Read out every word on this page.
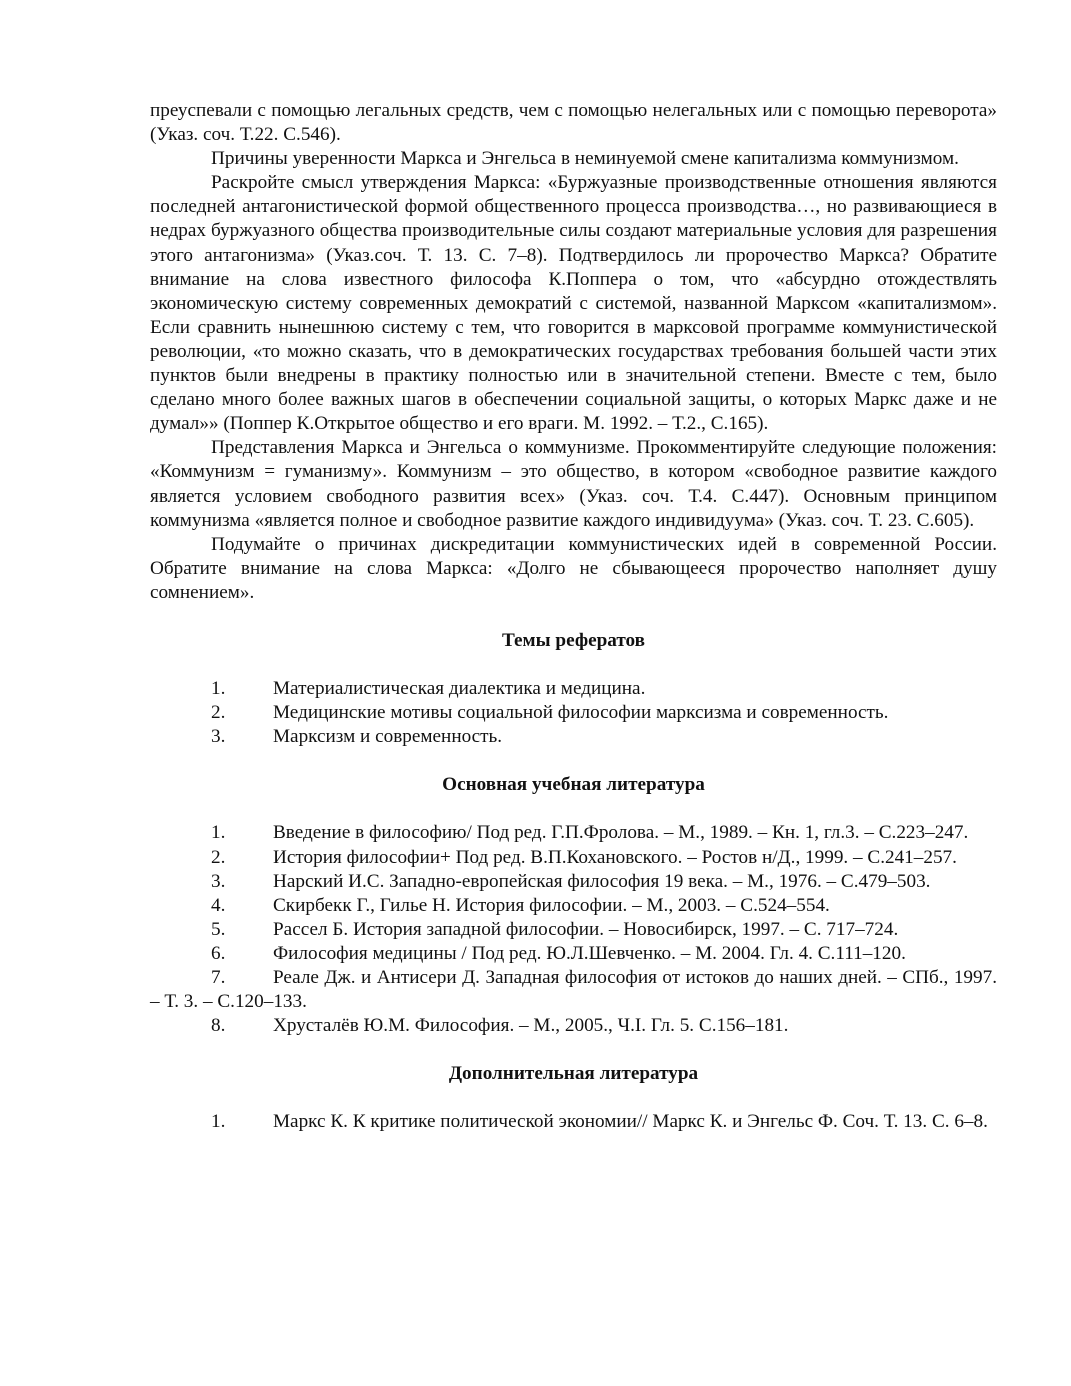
преуспевали с помощью легальных средств, чем с помощью нелегальных или с помощью переворота» (Указ. соч. Т.22. С.546).

Причины уверенности Маркса и Энгельса в неминуемой смене капитализма коммунизмом.

Раскройте смысл утверждения Маркса: «Буржуазные производственные отношения являются последней антагонистической формой общественного процесса производства…, но развивающиеся в недрах буржуазного общества производительные силы создают материальные условия для разрешения этого антагонизма» (Указ.соч. Т. 13. С. 7–8). Подтвердилось ли пророчество Маркса? Обратите внимание на слова известного философа К.Поппера о том, что «абсурдно отождествлять экономическую систему современных демократий с системой, названной Марксом «капитализмом». Если сравнить нынешнюю систему с тем, что говорится в марксовой программе коммунистической революции, «то можно сказать, что в демократических государствах требования большей части этих пунктов были внедрены в практику полностью или в значительной степени. Вместе с тем, было сделано много более важных шагов в обеспечении социальной защиты, о которых Маркс даже и не думал»» (Поппер К.Открытое общество и его враги. М. 1992. – Т.2., С.165).

Представления Маркса и Энгельса о коммунизме. Прокомментируйте следующие положения: «Коммунизм = гуманизму». Коммунизм – это общество, в котором «свободное развитие каждого является условием свободного развития всех» (Указ. соч. Т.4. С.447). Основным принципом коммунизма «является полное и свободное развитие каждого индивидуума» (Указ. соч. Т. 23. С.605).

Подумайте о причинах дискредитации коммунистических идей в современной России. Обратите внимание на слова Маркса: «Долго не сбывающееся пророчество наполняет душу сомнением».

Темы рефератов
1.	Материалистическая диалектика и медицина.
2.	Медицинские мотивы социальной философии марксизма и современность.
3.	Марксизм и современность.
Основная учебная литература
1. Введение в философию/ Под ред. Г.П.Фролова. – М., 1989. – Кн. 1, гл.3. – С.223–247.
2. История философии+ Под ред. В.П.Кохановского. – Ростов н/Д., 1999. – С.241–257.
3. Нарский И.С. Западно-европейская философия 19 века. – М., 1976. – С.479–503.
4. Скирбекк Г., Гилье Н. История философии. – М., 2003. – С.524–554.
5. Рассел Б. История западной философии. – Новосибирск, 1997. – С. 717–724.
6. Философия медицины / Под ред. Ю.Л.Шевченко. – М. 2004. Гл. 4. С.111–120.
7. Реале Дж. и Антисери Д. Западная философия от истоков до наших дней. – СПб., 1997. – Т. 3. – С.120–133.
8. Хрусталёв Ю.М. Философия. – М., 2005., Ч.I. Гл. 5. С.156–181.
Дополнительная литература
1. Маркс К. К критике политической экономии// Маркс К. и Энгельс Ф. Соч. Т. 13. С. 6–8.
